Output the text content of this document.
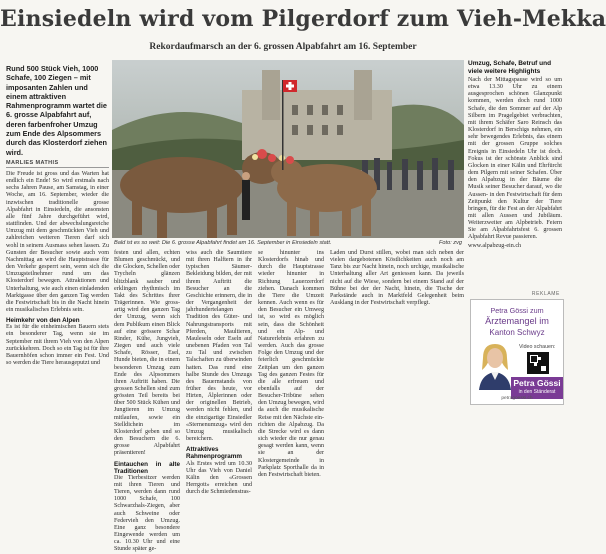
Einsiedeln wird vom Pilgerdorf zum Vieh-Mekka
Rekordaufmarsch an der 6. grossen Alpabfahrt am 16. September
Rund 500 Stück Vieh, 1000 Schafe, 100 Ziegen – mit imposanten Zahlen und einem attraktiven Rahmenprogramm wartet die 6. grosse Alpabfahrt auf, deren farbenfroher Umzug zum Ende des Alpsommers durch das Klosterdorf ziehen wird.
MARLIES MATHIS

Die Freude ist gross und das Warten hat endlich ein Ende! So wird erstmals nach sechs Jahren Pause, am Samstag, in einer Woche, am 16. September, wieder die inzwischen traditionelle grosse Alpabfahrt in Einsiedeln, die ansonsten alle fünf Jahre durchgeführt wird, stattfinden. Und der abwechslungsreiche Umzug mit dem geschmückten Vieh und zahlreichen weiteren Tieren darf sich wohl in seinem Ausmass sehen lassen. Zu Gunsten der Besucher sowie auch vom Nachmittag an wird die Hauptstrasse für den Verkehr gesperrt sein, wenn sich die Umzugsteilnehmer rund um das Klosterdorf bewegen. Attraktionen und Unterhaltung, wie auch einen einladenden Marktgasse über den ganzen Tag werden die Festwirtschaft bis in die Nacht hinein ein musikalisches Erlebnis sein.

Heimkehr von den Alpen

Es ist für die einheimischen Bauern stets ein besonderer Tag, wenn sie im September mit ihrem Vieh von den Alpen zurückkehren. Doch so ein Tag ist für ihre Bauernhöfen schon immer ein Fest. Und so werden die Tiere herausgeputzt und

Bald ist es so weit: Die 6. grosse Alpabfahrt findet am 16. September in Einsiedeln statt.	Foto: zvg

festen und allen, echten Blumen geschmückt, und die Glocken, Schellen oder Trycheln glänzen blitzblank sauber und erklingen rhythmisch im Takt des Schrittes ihrer Trägerinnen. Wie gross- artig wird den ganzen Tag der Umzug, wenn sich dem Publikum einen Blick auf eine grössere Schar Rinder, Kühe, Jungvieh, Ziegen und auch viele Schafe, Rösser, Esel, Hunde bieten, die in einem besonderen Umzug zum Ende des Alpsommers ihren Auftritt haben. Die grossen Schellen sind zum grössten Teil bereits bei über 500 Stück Kühen und Jungtieren im Umzug mitlaufen, sowie ein Stelldichein im Klosterdorf geben und so den Besuchern die 6. grosse Alpabfahrt präsentieren!

Eintauchen in alte Traditionen

Die Tierbesitzer werden mit ihren Tieren und Tieren, werden dann rund 1000 Schafe, 100 Schwarzhals-Ziegen, aber auch Schweine oder Federvieh den Umzug. Eine ganz besondere Eingewende werden um ca. 10.30 Uhr und eine Stunde später ge-

wiss auch die Saumtiere mit ihren Halftern in ihr typischen Säumer-Bekleidung bilden, der mit ihrem Auftritt die Besucher an die Geschichte erinnern, die in der Vergangenheit der jahrhundertelangen Tradition des Güter- und Nahrungstransports mit Pferden, Maultieren, Mauleseln oder Eseln auf unebenen Pfaden von Tal zu Tal und zwischen Talschaften zu überwinden hatten. Das rund eine halbe Stunde des Umzugs des Bauernstands von früher des heute, vor Hirten, Älplerinnen oder der originellen Betrieb, werden nicht fehlen, und die einzigartige Einsiedler «Sternenumzug» wird den Umzug musikalisch bereichern.

Attraktives Rahmenprogramm

Als Erstes wird um 10.30 Uhr das Vieh von Daniel Kälin den «Grossen Herrgott» erreichen und durch die Schmiedenstras-

se hinunter ins Klosterdorfs hinab und durch die Hauptstrasse wieder hinunter in Richtung Lauerzerdorf ziehen. Danach kommen die Tiere die Umzeit kennen. Auch wenn es für den Besucher ein Umweg ist, so wird es möglich sein, dass die Schönheit und ein Alp- und Naturerlebnis erfahren zu werden. Auch das grosse Folge den Umzug und der feierlich geschmückte Zeitplan um den ganzen Tag des ganzen Festes für die alle erfreuen und ebenfalls auf der Besucher-Tribüne sehen den Umzug bewegen, wird da auch die musikalische Reise mit den Nächste ein- richten die Alpabzug. Da die Strecke wird es dann sich wieder die nur genau gesagt werden kann, wenn sie an der Klostergemeinde in Parkplatz Sporthalle da in den Festwirtschaft bieten.

Laden und Durst stillen, wobei man sich neben der vielen dargebotenen Köstlichkeiten auch noch am Tanz bis zur Nacht hinein, noch urchige, musikalische Unterhaltung aller Art geniessen kann. Da jeweils nicht auf die Wiese, sondern bei einem Stand auf der Bühne bei der der Nacht, hinein, die Tische der Parkstände auch in Marktfeld Gelegenheit beim Ausklang in der Festwirtschaft verpflegt.

Umzug, Schafe, Betruf und viele weitere Highlights

Nach der Mittagspause wird so um etwa 13.30 Uhr zu einem ausgesprochen schönen Glanzpunkt kommen, werden doch rund 1000 Schafe, die den Sommer auf der Alp Silbern im Pragelgebiet verbrachten, mit ihrem Schäfer Saro Reinsch das Klosterdorf in Berschigs nehmen, ein sehr bewegendes Erlebnis, das einem mit der grossen Gruppe solches Ereignis in Einsiedeln Uhr ist doch. Fokus ist der schönste Anblick sind Glocken in einer Kälin und Ehrfürcht dem Pilgern mit seiner Schafen. Über den Alpabzug in der Bäume die Musik seiner Besucher darauf, wo die Aussen- in den Festwirtschaft für dem Zeitpunkt den Kultur der Tiere bringen, für die Fest an der Alpabfahrt mit allen Aussen und Jubiläum. Weiterzweiter am Alpbetrieb. Feiern Sie am Alpabfahrtsfest 6. grossen Alpabfahrt Revue passieren.

www.alpabzug-ein.ch

REKLAME
Petra Gössi zum
Ärztemangel im
Kanton Schwyz
Video schauen:
Petra Gössi
in den Ständerat
petragoessi.ch
